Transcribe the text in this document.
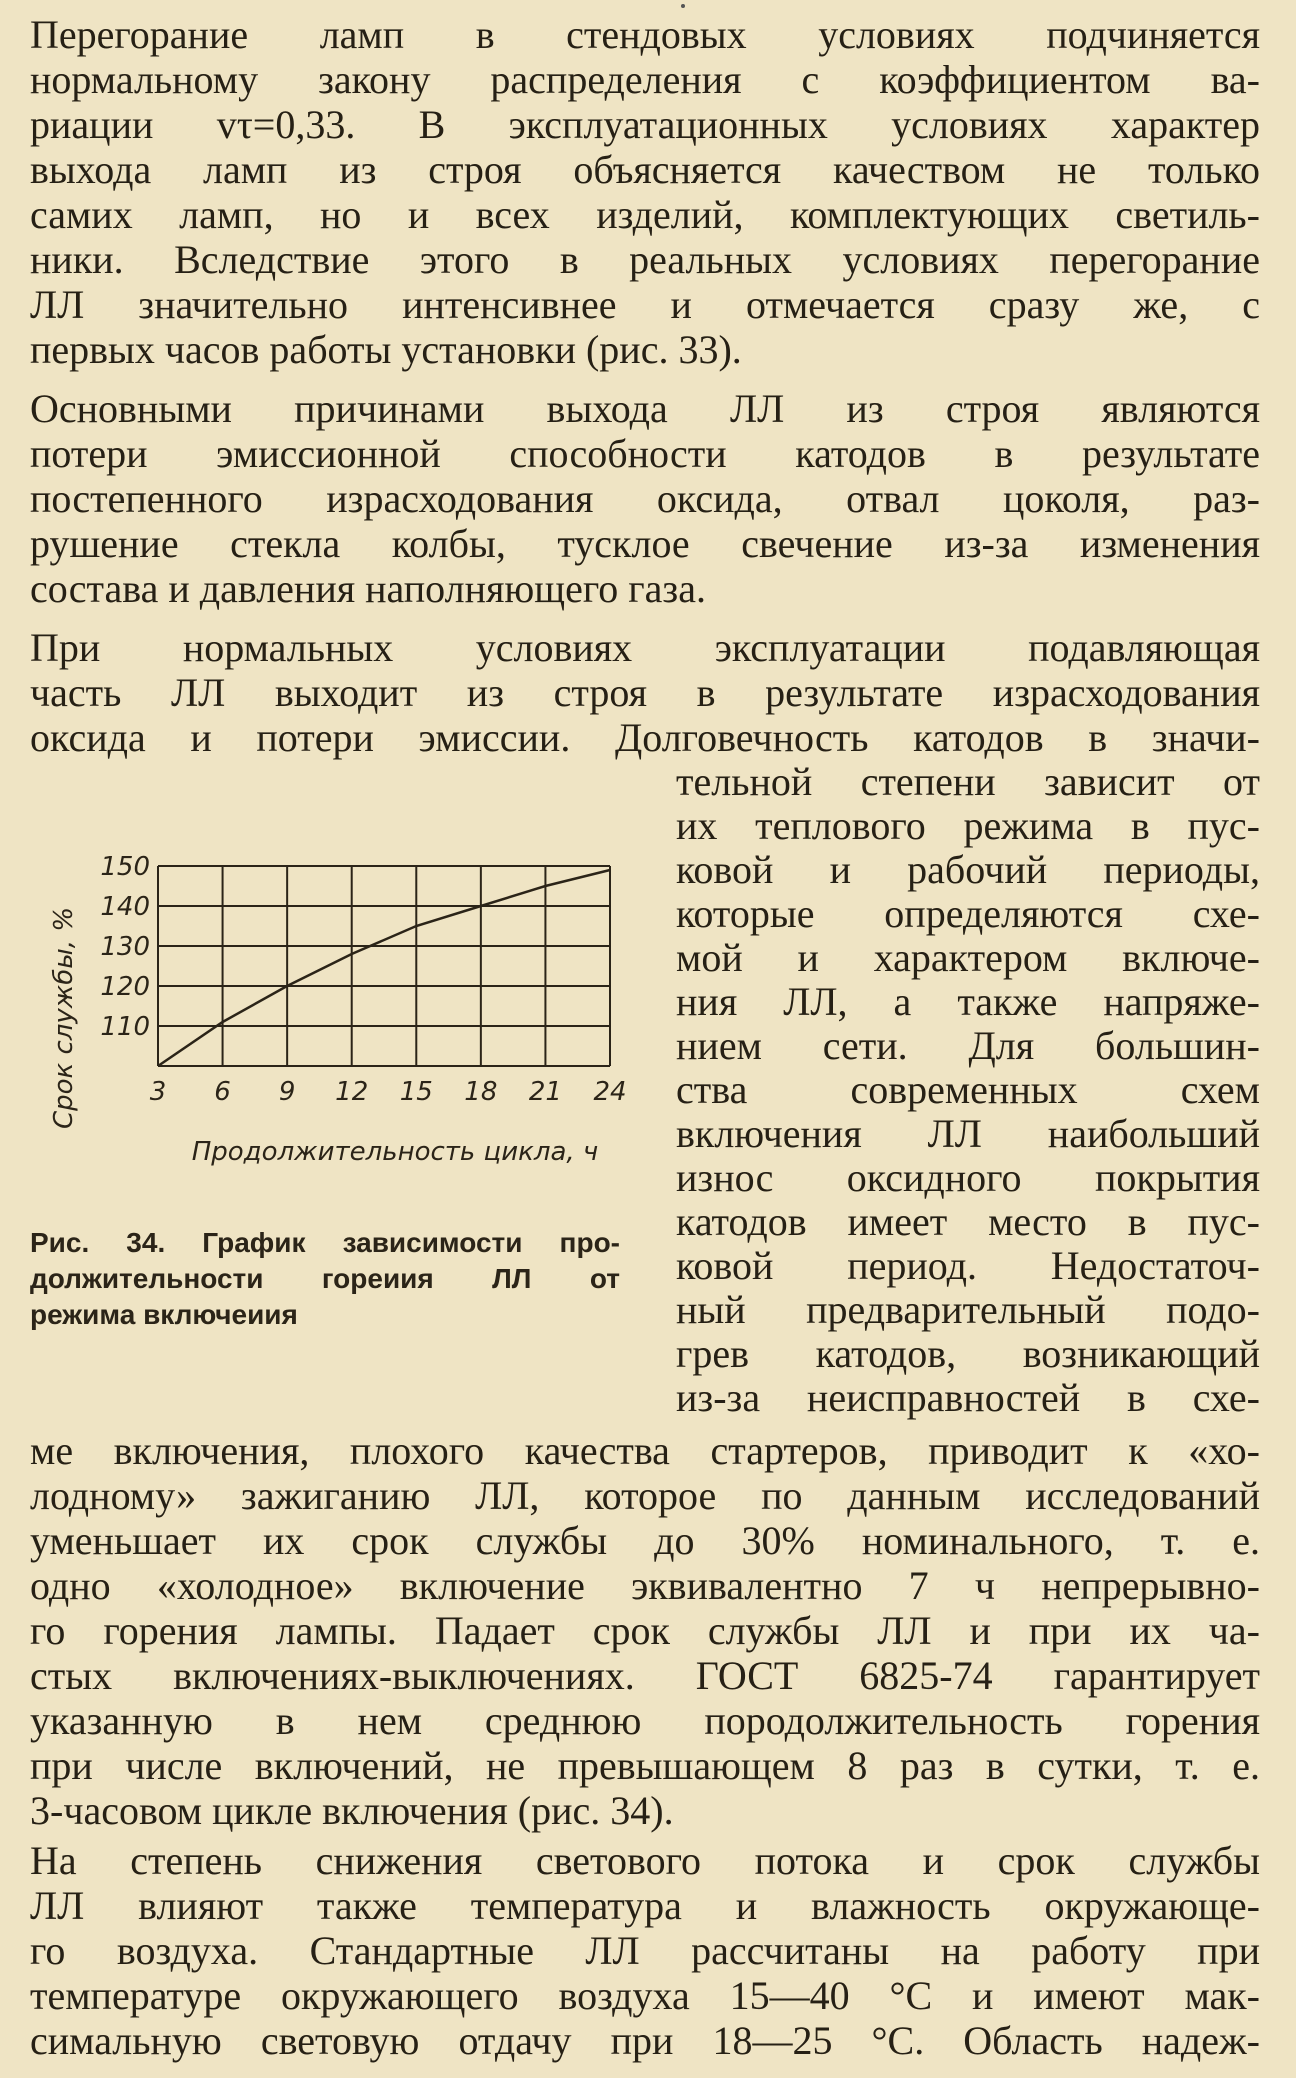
Перегорание ламп в стендовых условиях подчиняется
нормальному закону распределения с коэффициентом ва-
риации vτ=0,33. В эксплуатационных условиях характер
выхода ламп из строя объясняется качеством не только
самих ламп, но и всех изделий, комплектующих светиль-
ники. Вследствие этого в реальных условиях перегорание
ЛЛ значительно интенсивнее и отмечается сразу же, с
первых часов работы установки (рис. 33).
Основными причинами выхода ЛЛ из строя являются
потери эмиссионной способности катодов в результате
постепенного израсходования оксида, отвал цоколя, раз-
рушение стекла колбы, тусклое свечение из-за изменения
состава и давления наполняющего газа.
При нормальных условиях эксплуатации подавляющая
часть ЛЛ выходит из строя в результате израсходования
оксида и потери эмиссии. Долговечность катодов в значи-
тельной степени зависит от
их теплового режима в пус-
ковой и рабочий периоды,
которые определяются схе-
мой и характером включе-
ния ЛЛ, а также напряже-
нием сети. Для большин-
ства современных схем
включения ЛЛ наибольший
износ оксидного покрытия
катодов имеет место в пус-
ковой период. Недостаточ-
ный предварительный подо-
грев катодов, возникающий
из-за неисправностей в схе-
3 6 9 12 15 18 21 24
110
120
130
140
150
Срок службы, %
Продолжительность цикла, ч
Рис. 34. График зависимости про-
должительности гореиия ЛЛ от
режима включеиия
ме включения, плохого качества стартеров, приводит к «хо-
лодному» зажиганию ЛЛ, которое по данным исследований
уменьшает их срок службы до 30% номинального, т. е.
одно «холодное» включение эквивалентно 7 ч непрерывно-
го горения лампы. Падает срок службы ЛЛ и при их ча-
стых включениях-выключениях. ГОСТ 6825-74 гарантирует
указанную в нем среднюю породолжительность горения
при числе включений, не превышающем 8 раз в сутки, т. е.
3-часовом цикле включения (рис. 34).
На степень снижения светового потока и срок службы
ЛЛ влияют также температура и влажность окружающе-
го воздуха. Стандартные ЛЛ рассчитаны на работу при
температуре окружающего воздуха 15—40 °С и имеют мак-
симальную световую отдачу при 18—25 °С. Область надеж-
